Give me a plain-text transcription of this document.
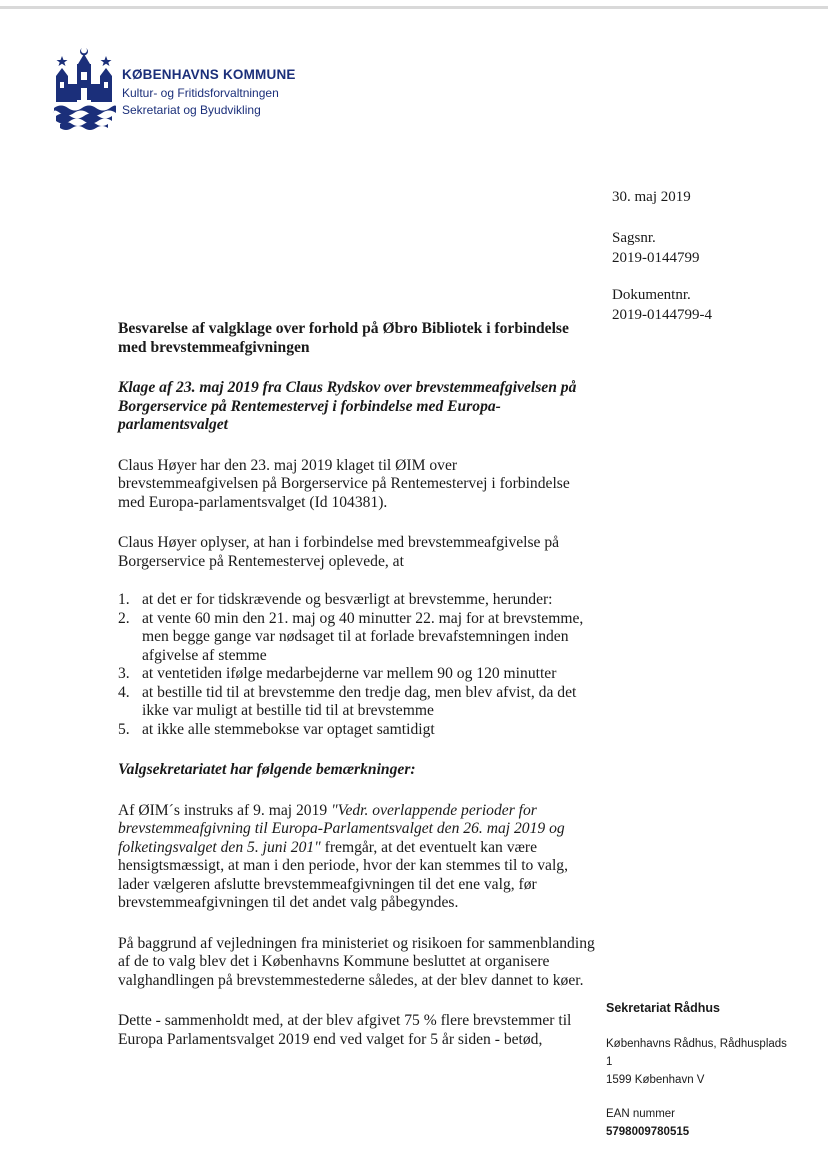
KØBENHAVNS KOMMUNE
Kultur- og Fritidsforvaltningen
Sekretariat og Byudvikling
30. maj 2019
Sagsnr.
2019-0144799
Dokumentnr.
2019-0144799-4

Besvarelse af valgklage over forhold på Øbro Bibliotek i forbindelse med brevstemmeafgivningen

Klage af 23. maj 2019 fra Claus Rydskov over brevstemmeafgivelsen på Borgerservice på Rentemestervej i forbindelse med Europa-parlamentsvalget

Claus Høyer har den 23. maj 2019 klaget til ØIM over brevstemmeafgivelsen på Borgerservice på Rentemestervej i forbindelse med Europa-parlamentsvalget (Id 104381).

Claus Høyer oplyser, at han i forbindelse med brevstemmeafgivelse på Borgerservice på Rentemestervej oplevede, at

1. at det er for tidskrævende og besværligt at brevstemme, herunder:
2. at vente 60 min den 21. maj og 40 minutter 22. maj for at brevstemme, men begge gange var nødsaget til at forlade brevafstemningen inden afgivelse af stemme
3. at ventetiden ifølge medarbejderne var mellem 90 og 120 minutter
4. at bestille tid til at brevstemme den tredje dag, men blev afvist, da det ikke var muligt at bestille tid til at brevstemme
5. at ikke alle stemmebokse var optaget samtidigt

Valgsekretariatet har følgende bemærkninger:

Af ØIM´s instruks af 9. maj 2019 "Vedr. overlappende perioder for brevstemmeafgivning til Europa-Parlamentsvalget den 26. maj 2019 og folketingsvalget den 5. juni 201" fremgår, at det eventuelt kan være hensigtsmæssigt, at man i den periode, hvor der kan stemmes til to valg, lader vælgeren afslutte brevstemmeafgivningen til det ene valg, før brevstemmeafgivningen til det andet valg påbegyndes.

På baggrund af vejledningen fra ministeriet og risikoen for sammenblanding af de to valg blev det i Københavns Kommune besluttet at organisere valghandlingen på brevstemmestederne således, at der blev dannet to køer.

Dette - sammenholdt med, at der blev afgivet 75 % flere brevstemmer til Europa Parlamentsvalget 2019 end ved valget for 5 år siden - betød,

Sekretariat Rådhus
Københavns Rådhus, Rådhusplads
1
1599 København V
EAN nummer
5798009780515
